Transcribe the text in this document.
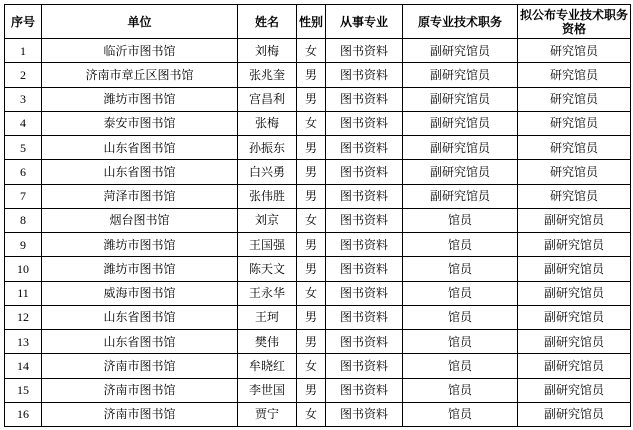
序号	单位	姓名	性别	从事专业	原专业技术职务	拟公布专业技术职务资格
1	临沂市图书馆	刘梅	女	图书资料	副研究馆员	研究馆员
2	济南市章丘区图书馆	张兆奎	男	图书资料	副研究馆员	研究馆员
3	潍坊市图书馆	宫昌利	男	图书资料	副研究馆员	研究馆员
4	泰安市图书馆	张梅	女	图书资料	副研究馆员	研究馆员
5	山东省图书馆	孙振东	男	图书资料	副研究馆员	研究馆员
6	山东省图书馆	白兴勇	男	图书资料	副研究馆员	研究馆员
7	菏泽市图书馆	张伟胜	男	图书资料	副研究馆员	研究馆员
8	烟台图书馆	刘京	女	图书资料	馆员	副研究馆员
9	潍坊市图书馆	王国强	男	图书资料	馆员	副研究馆员
10	潍坊市图书馆	陈天文	男	图书资料	馆员	副研究馆员
11	威海市图书馆	王永华	女	图书资料	馆员	副研究馆员
12	山东省图书馆	王珂	男	图书资料	馆员	副研究馆员
13	山东省图书馆	樊伟	男	图书资料	馆员	副研究馆员
14	济南市图书馆	牟晓红	女	图书资料	馆员	副研究馆员
15	济南市图书馆	李世国	男	图书资料	馆员	副研究馆员
16	济南市图书馆	贾宁	女	图书资料	馆员	副研究馆员
